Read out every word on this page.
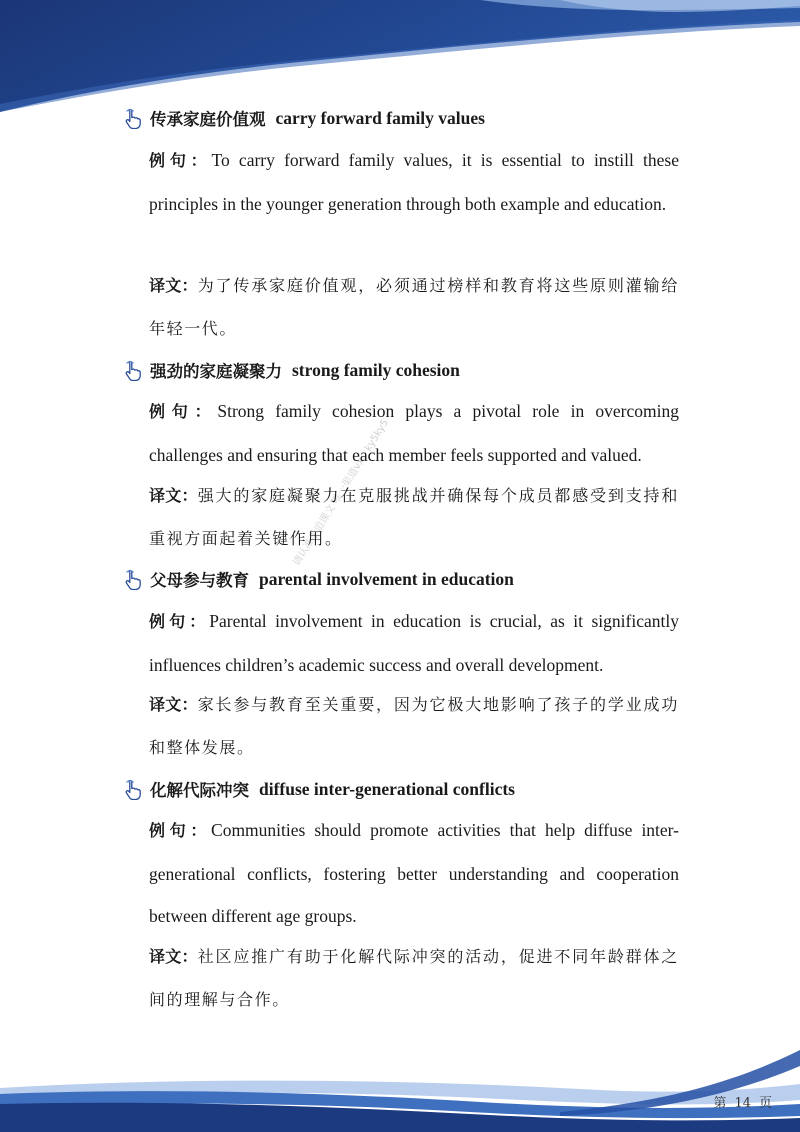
请认准手追课文 唯一渠道vx：ky5ky5
传承家庭价值观 carry forward family values
例句：To carry forward family values, it is essential to instill these principles in the younger generation through both example and education.
译文：为了传承家庭价值观，必须通过榜样和教育将这些原则灌输给年轻一代。
强劲的家庭凝聚力 strong family cohesion
例句：Strong family cohesion plays a pivotal role in overcoming challenges and ensuring that each member feels supported and valued.
译文：强大的家庭凝聚力在克服挑战并确保每个成员都感受到支持和重视方面起着关键作用。
父母参与教育 parental involvement in education
例句：Parental involvement in education is crucial, as it significantly influences children’s academic success and overall development.
译文：家长参与教育至关重要，因为它极大地影响了孩子的学业成功和整体发展。
化解代际冲突 diffuse inter-generational conflicts
例句：Communities should promote activities that help diffuse inter-generational conflicts, fostering better understanding and cooperation between different age groups.
译文：社区应推广有助于化解代际冲突的活动，促进不同年龄群体之间的理解与合作。
第 14 页
